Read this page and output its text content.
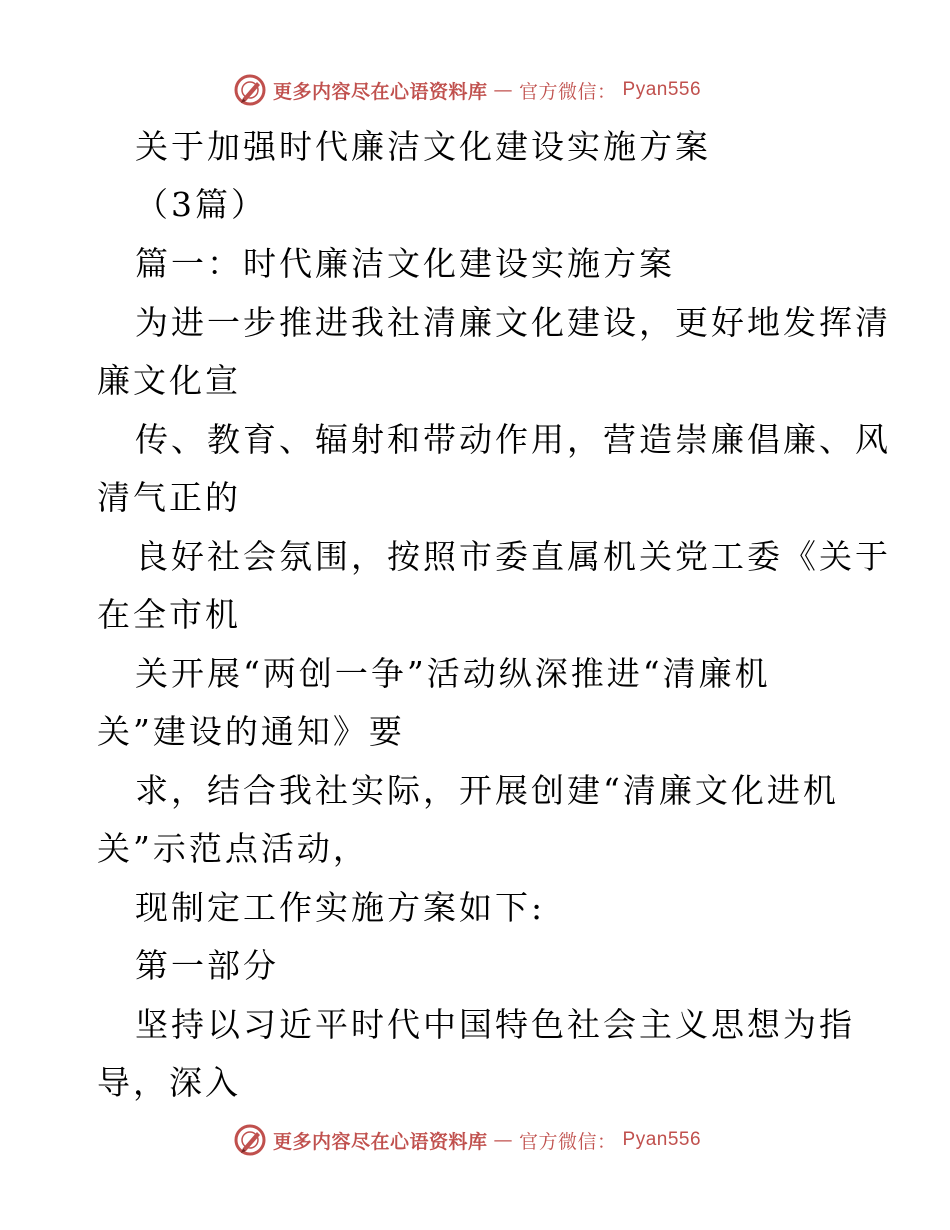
更多内容尽在心语资料库 — 官方微信： Pyan556
关于加强时代廉洁文化建设实施方案
（3篇）
篇一：时代廉洁文化建设实施方案
为进一步推进我社清廉文化建设，更好地发挥清
廉文化宣
传、教育、辐射和带动作用，营造崇廉倡廉、风
清气正的
良好社会氛围，按照市委直属机关党工委《关于
在全市机
关开展“两创一争”活动纵深推进“清廉机
关”建设的通知》要
求，结合我社实际，开展创建“清廉文化进机
关”示范点活动，
现制定工作实施方案如下:
第一部分
坚持以习近平时代中国特色社会主义思想为指
导，深入
更多内容尽在心语资料库 — 官方微信： Pyan556
